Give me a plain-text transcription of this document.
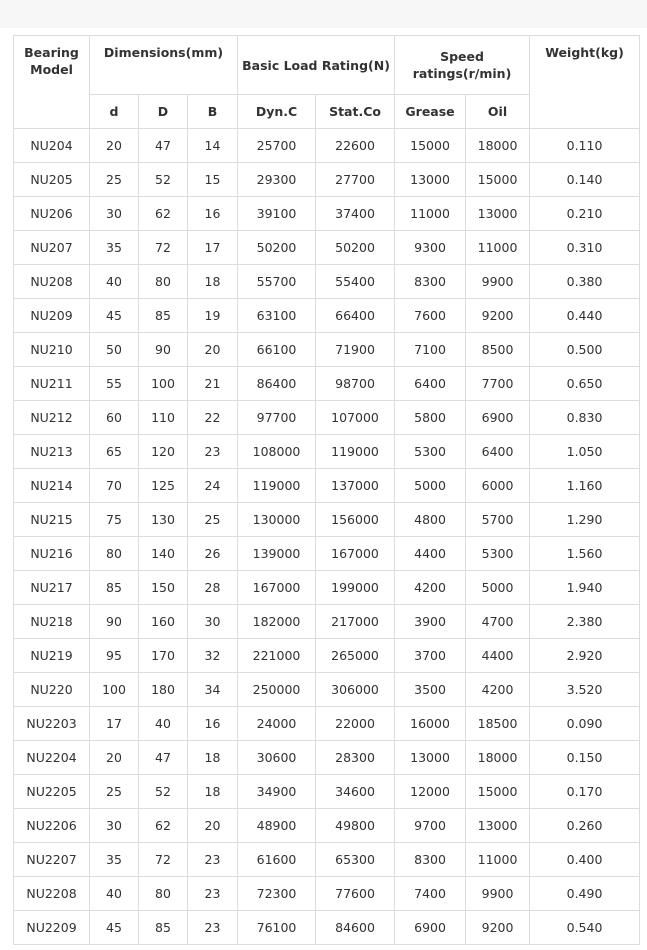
Bearing Model	Dimensions(mm)			Basic Load Rating(N)		Speed ratings(r/min)		Weight(kg)
	d	D	B	Dyn.C	Stat.Co	Grease	Oil	
NU204	20	47	14	25700	22600	15000	18000	0.110
NU205	25	52	15	29300	27700	13000	15000	0.140
NU206	30	62	16	39100	37400	11000	13000	0.210
NU207	35	72	17	50200	50200	9300	11000	0.310
NU208	40	80	18	55700	55400	8300	9900	0.380
NU209	45	85	19	63100	66400	7600	9200	0.440
NU210	50	90	20	66100	71900	7100	8500	0.500
NU211	55	100	21	86400	98700	6400	7700	0.650
NU212	60	110	22	97700	107000	5800	6900	0.830
NU213	65	120	23	108000	119000	5300	6400	1.050
NU214	70	125	24	119000	137000	5000	6000	1.160
NU215	75	130	25	130000	156000	4800	5700	1.290
NU216	80	140	26	139000	167000	4400	5300	1.560
NU217	85	150	28	167000	199000	4200	5000	1.940
NU218	90	160	30	182000	217000	3900	4700	2.380
NU219	95	170	32	221000	265000	3700	4400	2.920
NU220	100	180	34	250000	306000	3500	4200	3.520
NU2203	17	40	16	24000	22000	16000	18500	0.090
NU2204	20	47	18	30600	28300	13000	18000	0.150
NU2205	25	52	18	34900	34600	12000	15000	0.170
NU2206	30	62	20	48900	49800	9700	13000	0.260
NU2207	35	72	23	61600	65300	8300	11000	0.400
NU2208	40	80	23	72300	77600	7400	9900	0.490
NU2209	45	85	23	76100	84600	6900	9200	0.540
